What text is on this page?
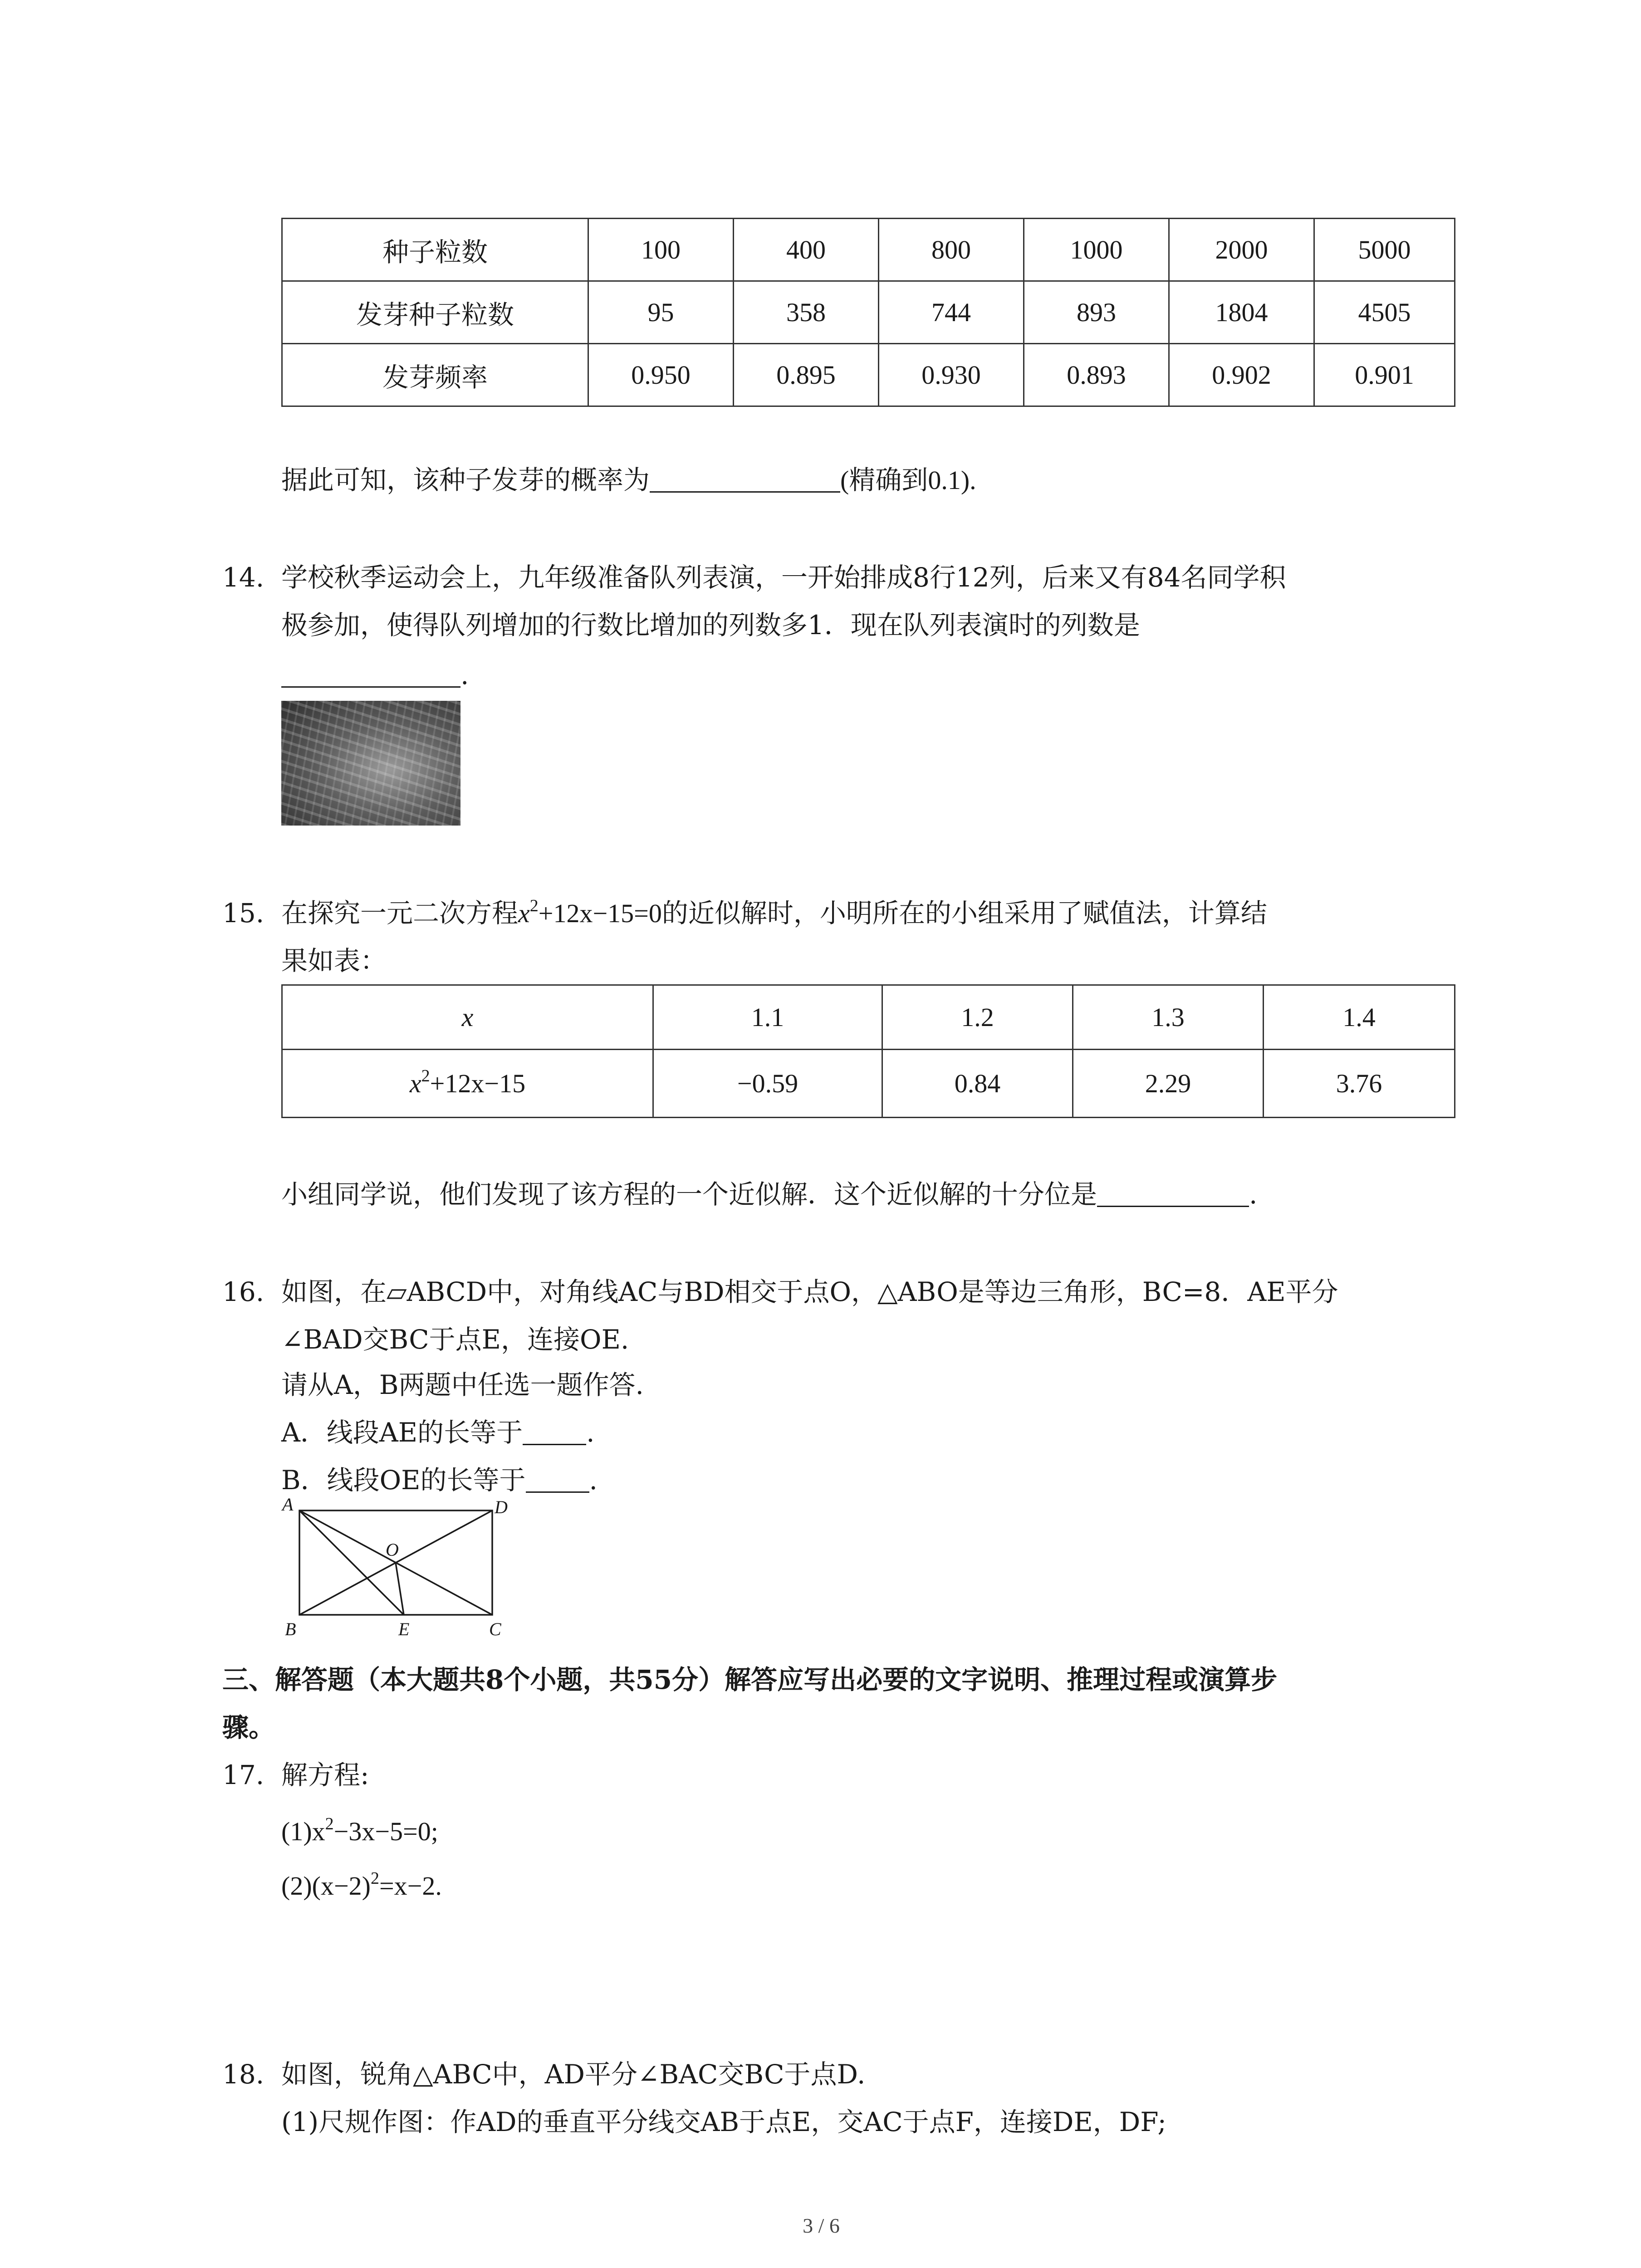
种子粒数	100	400	800	1000	2000	5000
发芽种子粒数	95	358	744	893	1804	4505
发芽频率	0.950	0.895	0.930	0.893	0.902	0.901
据此可知，该种子发芽的概率为	(精确到0.1).
14. 学校秋季运动会上，九年级准备队列表演，一开始排成8行12列，后来又有84名同学积
极参加，使得队列增加的行数比增加的列数多1．现在队列表演时的列数是
.
15. 在探究一元二次方程$x^2+12x-15=0$的近似解时，小明所在的小组采用了赋值法，计算结
果如表：
x	1.1	1.2	1.3	1.4
$x^2+12x-15$	−0.59	0.84	2.29	3.76
小组同学说，他们发现了该方程的一个近似解．这个近似解的十分位是	.
16. 如图，在▱ABCD中，对角线AC与BD相交于点O，△ABO是等边三角形，BC=8．AE平分
∠BAD交BC于点E，连接OE.
请从A，B两题中任选一题作答.
A．线段AE的长等于 .
B．线段OE的长等于 .
A	D
O
B	E	C
三、解答题（本大题共8个小题，共55分）解答应写出必要的文字说明、推理过程或演算步
骤。
17. 解方程:
$(1)x^2-3x-5=0$;
$(2)(x-2)^2=x-2$.
18. 如图，锐角△ABC中，AD平分∠BAC交BC于点D.
(1)尺规作图：作AD的垂直平分线交AB于点E，交AC于点F，连接DE，DF;
3 / 6
